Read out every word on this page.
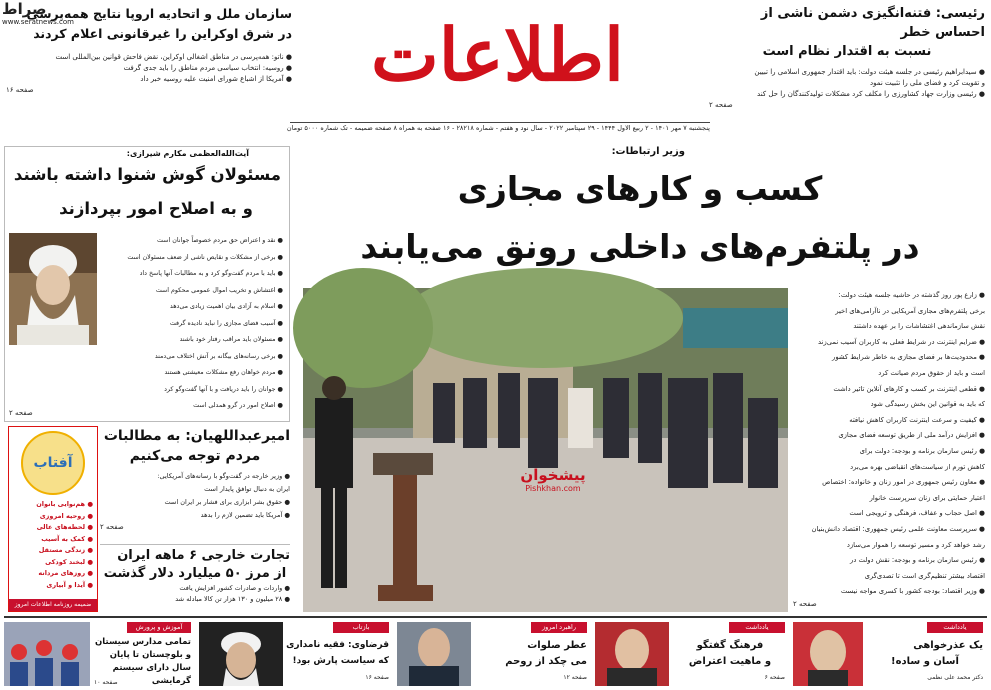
رئیسی: فتنه‌انگیزی دشمن ناشی از احساس خطر
نسبت به اقتدار نظام است
● سیدابراهیم رئیسی در جلسه هیئت دولت: باید اقتدار جمهوری اسلامی را تبیین
و تقویت کرد و فضای ملی را تثبیت نمود
● رئیسی وزارت جهاد کشاورزی را مکلف کرد مشکلات تولیدکنندگان را حل کند
صفحه ۲
اطلاعات
سازمان ملل و اتحادیه اروپا نتایج همه‌پرسی
در شرق اوکراین را غیرقانونی اعلام کردند
● ناتو: همه‌پرسی در مناطق اشغالی اوکراین، نقض فاحش قوانین بین‌المللی است
● روسیه: انتخاب سیاسی مردم مناطق را باید جدی گرفت
● آمریکا از اشباع شورای امنیت علیه روسیه خبر داد
صفحه ۱۶
صراط
www.seratnews.com
پنجشنبه ۷ مهر ۱۴۰۱ - ۲ ربیع الاول ۱۴۴۴ - ۲۹ سپتامبر ۲۰۲۲ - سال نود و هفتم - شماره ۲۸۲۱۸ - ۱۶ صفحه به همراه ۸ صفحه ضمیمه - تک شماره ۵۰۰۰ تومان
وزیر ارتباطات:
کسب و کارهای مجازی
در پلتفرم‌های داخلی رونق می‌یابند
پیشخوان
Pishkhan.com
● زارع پور روز گذشته در حاشیه جلسه هیئت دولت:
برخی پلتفرم‌های مجازی آمریکایی در ناآرامی‌های اخیر
نقش سازماندهی اغتشاشات را بر عهده داشتند
● ضرایم اینترنت در شرایط فعلی به کاربران آسیب نمی‌زند
● محدودیت‌ها بر فضای مجازی به خاطر شرایط کشور
است و باید از حقوق مردم صیانت کرد
● قطعی اینترنت بر کسب و کارهای آنلاین تاثیر داشت
که باید به قوانین این بخش رسیدگی شود
● کیفیت و سرعت اینترنت کاربران کاهش نیافته
● افزایش درآمد ملی از طریق توسعه فضای مجازی
● رئیس سازمان برنامه و بودجه: دولت برای
کاهش تورم از سیاست‌های انقباضی بهره می‌برد
● معاون رئیس جمهوری در امور زنان و خانواده: اختصاص
اعتبار حمایتی برای زنان سرپرست خانوار
● اصل حجاب و عفاف، فرهنگی و ترویجی است
● سرپرست معاونت علمی رئیس جمهوری: اقتصاد دانش‌بنیان
رشد خواهد کرد و مسیر توسعه را هموار می‌سازد
● رئیس سازمان برنامه و بودجه: نقش دولت در
اقتصاد بیشتر تنظیم‌گری است تا تصدی‌گری
● وزیر اقتصاد: بودجه کشور با کسری مواجه نیست
صفحه ۲
آیت‌الله‌العظمی مکارم شیرازی:
مسئولان گوش شنوا داشته باشند
و به اصلاح امور بپردازند
● نقد و اعتراض حق مردم خصوصاً جوانان است
● برخی از مشکلات و نقایص ناشی از ضعف مسئولان است
● باید با مردم گفت‌وگو کرد و به مطالبات آنها پاسخ داد
● اغتشاش و تخریب اموال عمومی محکوم است
● اسلام به آزادی بیان اهمیت زیادی می‌دهد
● آسیب فضای مجازی را نباید نادیده گرفت
● مسئولان باید مراقب رفتار خود باشند
● برخی رسانه‌های بیگانه بر آتش اختلاف می‌دمند
● مردم خواهان رفع مشکلات معیشتی هستند
● جوانان را باید دریافت و با آنها گفت‌وگو کرد
● اصلاح امور در گرو همدلی است
صفحه ۲
آفتاب
● هم‌نوایی بانوان
● روحیه امروزی
● لحظه‌های عالی
● کمک به آسیب
● زندگی مستقل
● لبخند کودکی
● روزهای مردانه
● آیدا و آبیاری
ضمیمه روزنامه اطلاعات امروز
امیرعبداللهیان: به مطالبات
مردم توجه می‌کنیم
● وزیر خارجه در گفت‌وگو با رسانه‌های آمریکایی:
ایران به دنبال توافق پایدار است
● حقوق بشر ابزاری برای فشار بر ایران است
● آمریکا باید تضمین لازم را بدهد
صفحه ۲
تجارت خارجی ۶ ماهه ایران
از مرز ۵۰ میلیارد دلار گذشت
● واردات و صادرات کشور افزایش یافت
● ۲۸ میلیون و ۱۳۰ هزار تن کالا مبادله شد
یادداشت
یک عذرخواهی
آسان و ساده!
دکتر محمد علی نظمی
یادداشت
فرهنگ گفتگو
و ماهیت اعتراض
صفحه ۶
راهبرد امروز
عطر صلوات
می چکد از روحم
صفحه ۱۲
بازتاب
قرضاوی: فقیه نامداری
که سیاست پارش بود!
صفحه ۱۶
آموزش و پرورش
تمامی مدارس سیستان
و بلوچستان تا پایان سال دارای سیستم گرمایشی
صفحه ۱۰
